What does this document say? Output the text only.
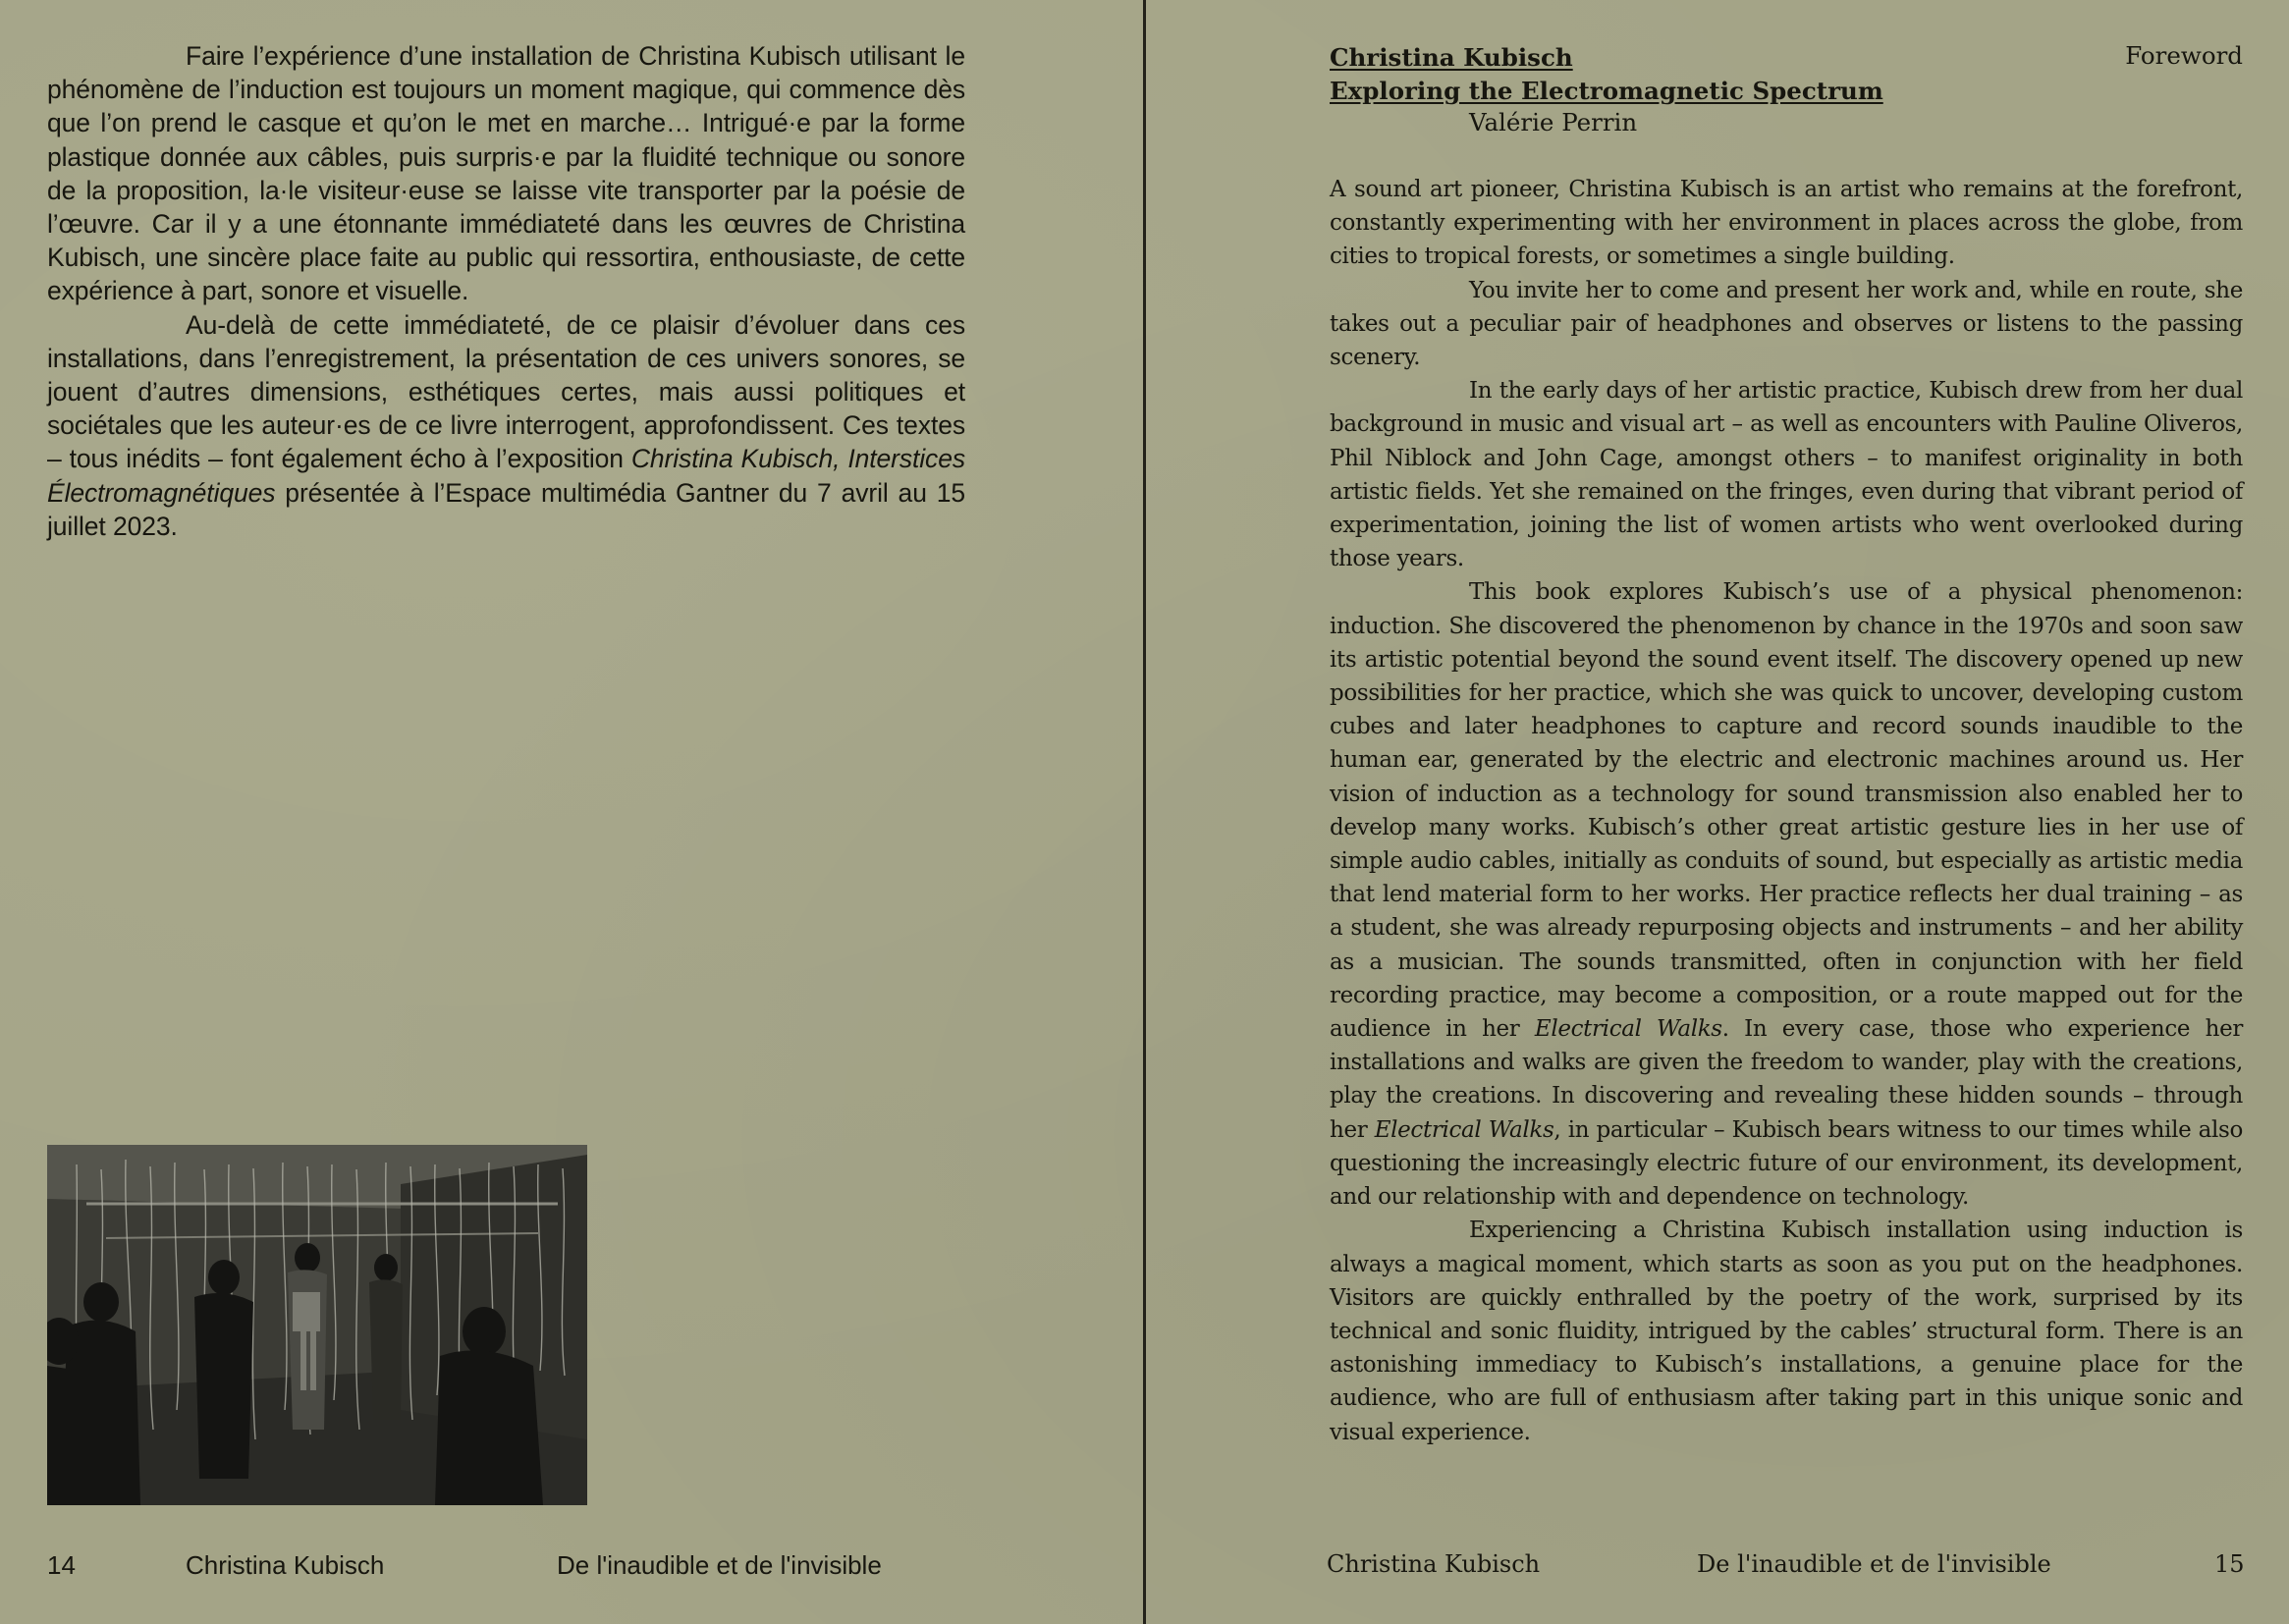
Faire l’expérience d’une installation de Christina Kubisch utilisant le phénomène de l’induction est toujours un moment magique, qui commence dès que l’on prend le casque et qu’on le met en marche… Intrigué·e par la forme plastique donnée aux câbles, puis surpris·e par la fluidité technique ou sonore de la proposition, la·le visiteur·euse se laisse vite transporter par la poésie de l’œuvre. Car il y a une étonnante immédiateté dans les œuvres de Christina Kubisch, une sincère place faite au public qui ressortira, enthousiaste, de cette expérience à part, sonore et visuelle.

Au-delà de cette immédiateté, de ce plaisir d’évoluer dans ces installations, dans l’enregistrement, la présentation de ces univers sonores, se jouent d’autres dimensions, esthétiques certes, mais aussi politiques et sociétales que les auteur·es de ce livre interrogent, approfondissent. Ces textes – tous inédits – font également écho à l’exposition Christina Kubisch, Interstices Électromagnétiques présentée à l’Espace multimédia Gantner du 7 avril au 15 juillet 2023.

14	Christina Kubisch	De l'inaudible et de l'invisible
Christina Kubisch
Exploring the Electromagnetic Spectrum
Valérie Perrin
Foreword

A sound art pioneer, Christina Kubisch is an artist who remains at the forefront, constantly experimenting with her environment in places across the globe, from cities to tropical forests, or sometimes a single building.

You invite her to come and present her work and, while en route, she takes out a peculiar pair of headphones and observes or listens to the passing scenery.

In the early days of her artistic practice, Kubisch drew from her dual background in music and visual art – as well as encounters with Pauline Oliveros, Phil Niblock and John Cage, amongst others – to manifest originality in both artistic fields. Yet she remained on the fringes, even during that vibrant period of experimentation, joining the list of women artists who went overlooked during those years.

This book explores Kubisch’s use of a physical phenomenon: induction. She discovered the phenomenon by chance in the 1970s and soon saw its artistic potential beyond the sound event itself. The discovery opened up new possibilities for her practice, which she was quick to uncover, developing custom cubes and later headphones to capture and record sounds inaudible to the human ear, generated by the electric and electronic machines around us. Her vision of induction as a technology for sound transmission also enabled her to develop many works. Kubisch’s other great artistic gesture lies in her use of simple audio cables, initially as conduits of sound, but especially as artistic media that lend material form to her works. Her practice reflects her dual training – as a student, she was already repurposing objects and instruments – and her ability as a musician. The sounds transmitted, often in conjunction with her field recording practice, may become a composition, or a route mapped out for the audience in her Electrical Walks. In every case, those who experience her installations and walks are given the freedom to wander, play with the creations, play the creations. In discovering and revealing these hidden sounds – through her Electrical Walks, in particular – Kubisch bears witness to our times while also questioning the increasingly electric future of our environment, its development, and our relationship with and dependence on technology.

Experiencing a Christina Kubisch installation using induction is always a magical moment, which starts as soon as you put on the headphones. Visitors are quickly enthralled by the poetry of the work, surprised by its technical and sonic fluidity, intrigued by the cables’ structural form. There is an astonishing immediacy to Kubisch’s installations, a genuine place for the audience, who are full of enthusiasm after taking part in this unique sonic and visual experience.

Christina Kubisch	De l'inaudible et de l'invisible	15
